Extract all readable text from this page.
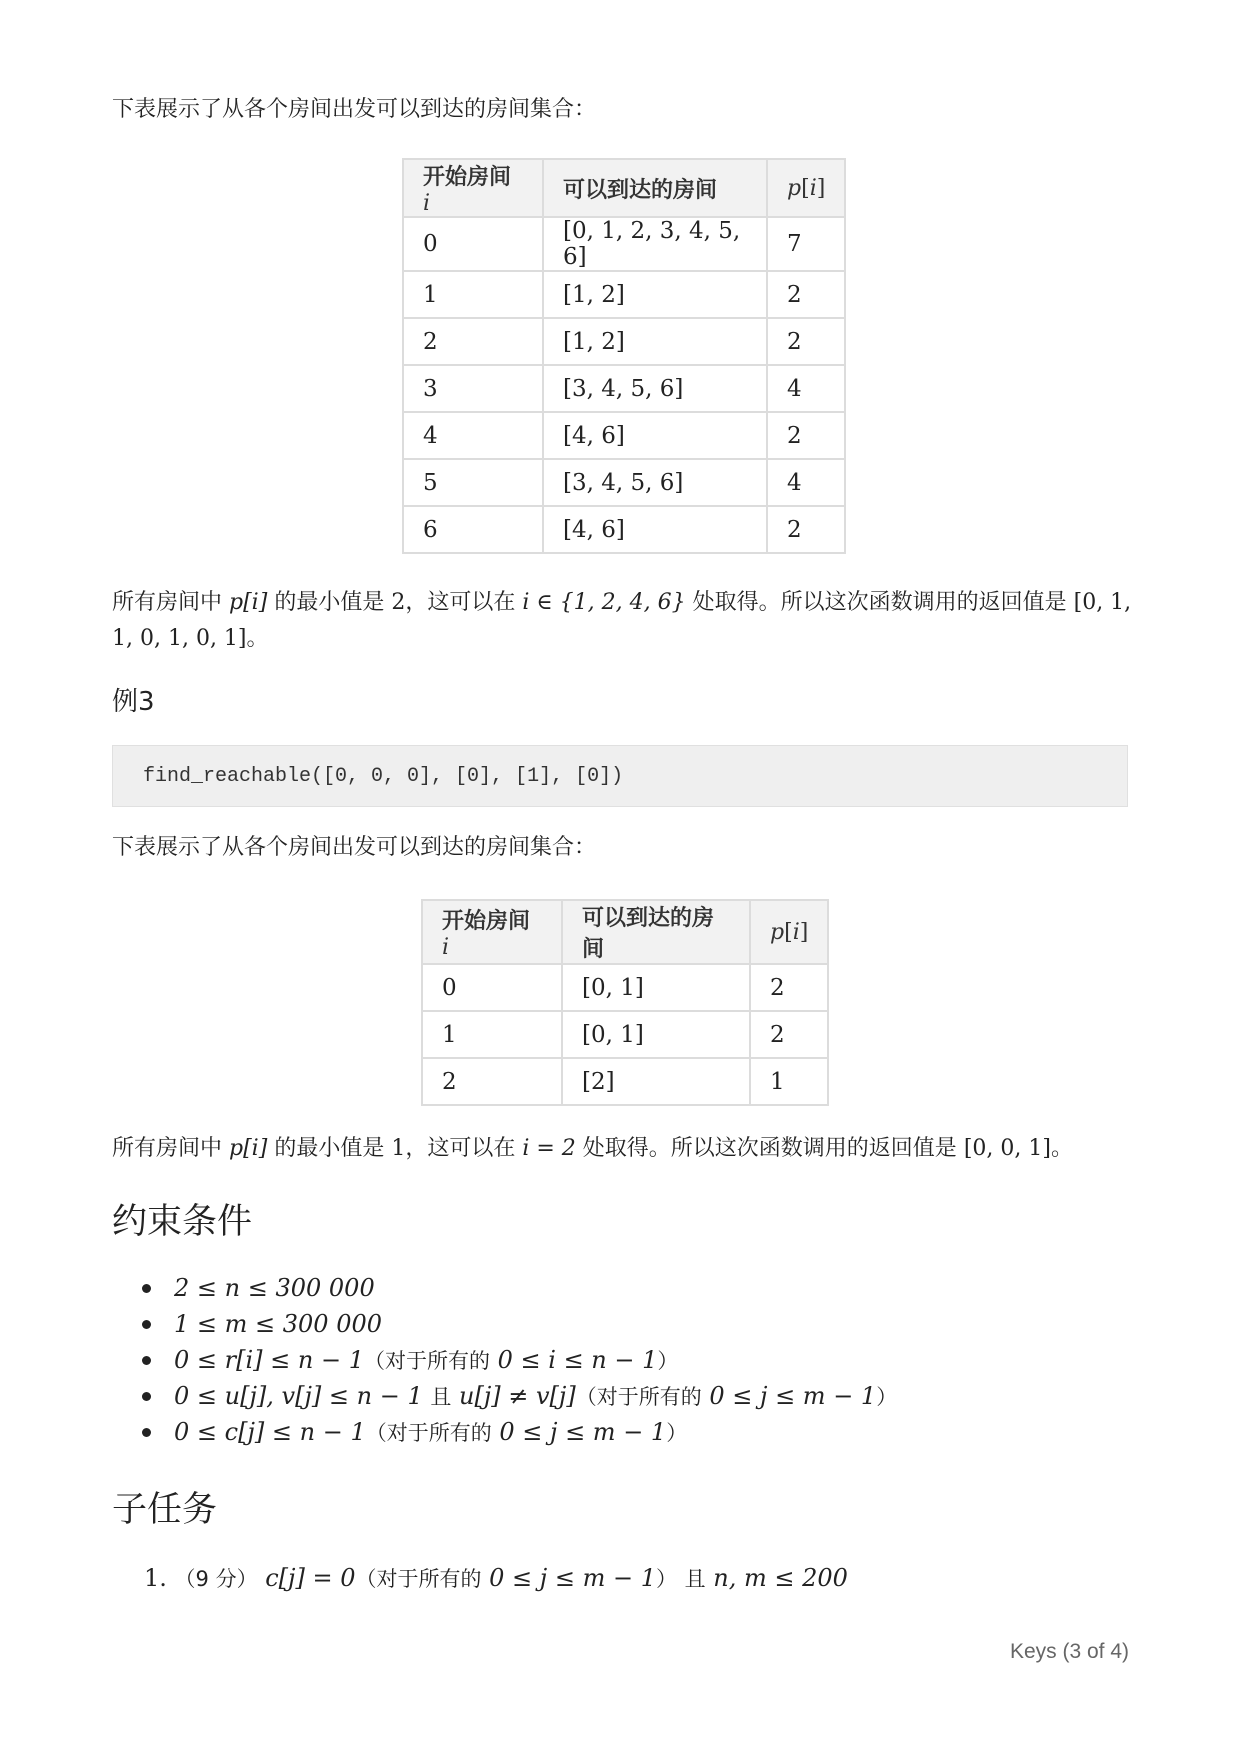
下表展示了从各个房间出发可以到达的房间集合：
开始房间 i	可以到达的房间	p[i]
0	[0, 1, 2, 3, 4, 5, 6]	7
1	[1, 2]	2
2	[1, 2]	2
3	[3, 4, 5, 6]	4
4	[4, 6]	2
5	[3, 4, 5, 6]	4
6	[4, 6]	2
所有房间中 p[i] 的最小值是 2，这可以在 i ∈ {1, 2, 4, 6} 处取得。所以这次函数调用的返回值是 [0, 1, 1, 0, 1, 0, 1]。
例3
find_reachable([0, 0, 0], [0], [1], [0])
下表展示了从各个房间出发可以到达的房间集合：
开始房间 i	可以到达的房间	p[i]
0	[0, 1]	2
1	[0, 1]	2
2	[2]	1
所有房间中 p[i] 的最小值是 1，这可以在 i = 2 处取得。所以这次函数调用的返回值是 [0, 0, 1]。
约束条件
2 ≤ n ≤ 300 000
1 ≤ m ≤ 300 000
0 ≤ r[i] ≤ n − 1（对于所有的 0 ≤ i ≤ n − 1）
0 ≤ u[j], v[j] ≤ n − 1 且 u[j] ≠ v[j]（对于所有的 0 ≤ j ≤ m − 1）
0 ≤ c[j] ≤ n − 1（对于所有的 0 ≤ j ≤ m − 1）
子任务
1. （9 分） c[j] = 0（对于所有的 0 ≤ j ≤ m − 1） 且 n, m ≤ 200
Keys (3 of 4)
